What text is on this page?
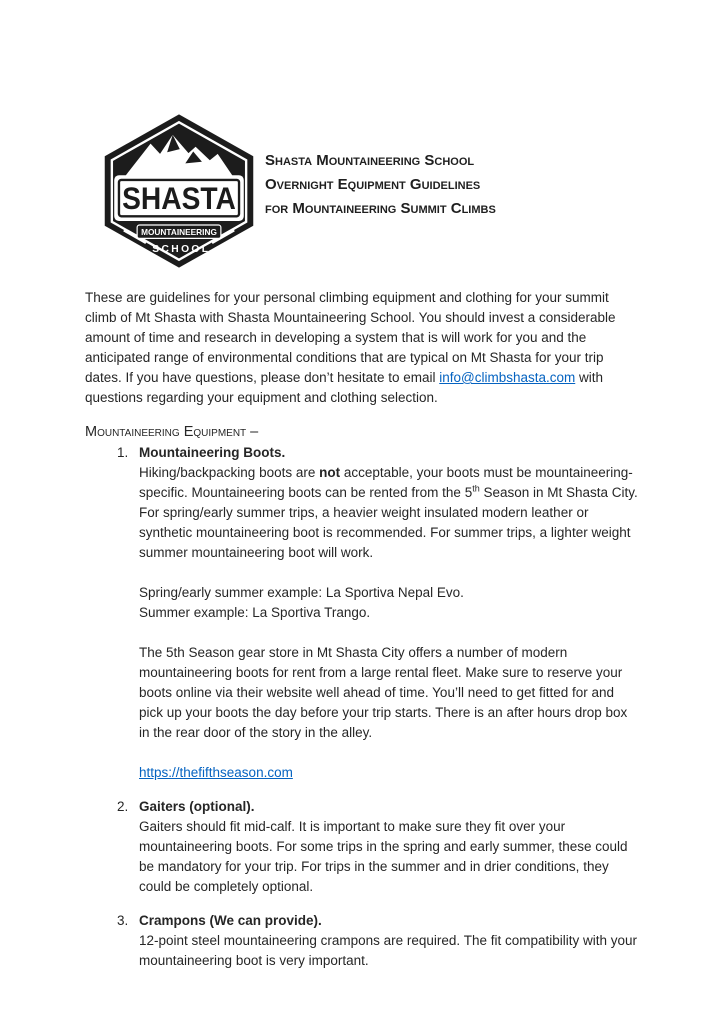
SHASTA
MOUNTAINEERING
SCHOOL
Shasta Mountaineering School
Overnight Equipment Guidelines
for Mountaineering Summit Climbs

These are guidelines for your personal climbing equipment and clothing for your summit climb of Mt Shasta with Shasta Mountaineering School. You should invest a considerable amount of time and research in developing a system that is will work for you and the anticipated range of environmental conditions that are typical on Mt Shasta for your trip dates. If you have questions, please don’t hesitate to email info@climbshasta.com with questions regarding your equipment and clothing selection.

Mountaineering Equipment –
1. Mountaineering Boots.

Hiking/backpacking boots are not acceptable, your boots must be mountaineering-specific. Mountaineering boots can be rented from the 5th Season in Mt Shasta City. For spring/early summer trips, a heavier weight insulated modern leather or synthetic mountaineering boot is recommended. For summer trips, a lighter weight summer mountaineering boot will work.

Spring/early summer example: La Sportiva Nepal Evo.
Summer example: La Sportiva Trango.

The 5th Season gear store in Mt Shasta City offers a number of modern mountaineering boots for rent from a large rental fleet. Make sure to reserve your boots online via their website well ahead of time. You’ll need to get fitted for and pick up your boots the day before your trip starts. There is an after hours drop box in the rear door of the story in the alley.

https://thefifthseason.com

2. Gaiters (optional).

Gaiters should fit mid-calf. It is important to make sure they fit over your mountaineering boots. For some trips in the spring and early summer, these could be mandatory for your trip. For trips in the summer and in drier conditions, they could be completely optional.

3. Crampons (We can provide).

12-point steel mountaineering crampons are required. The fit compatibility with your mountaineering boot is very important.
